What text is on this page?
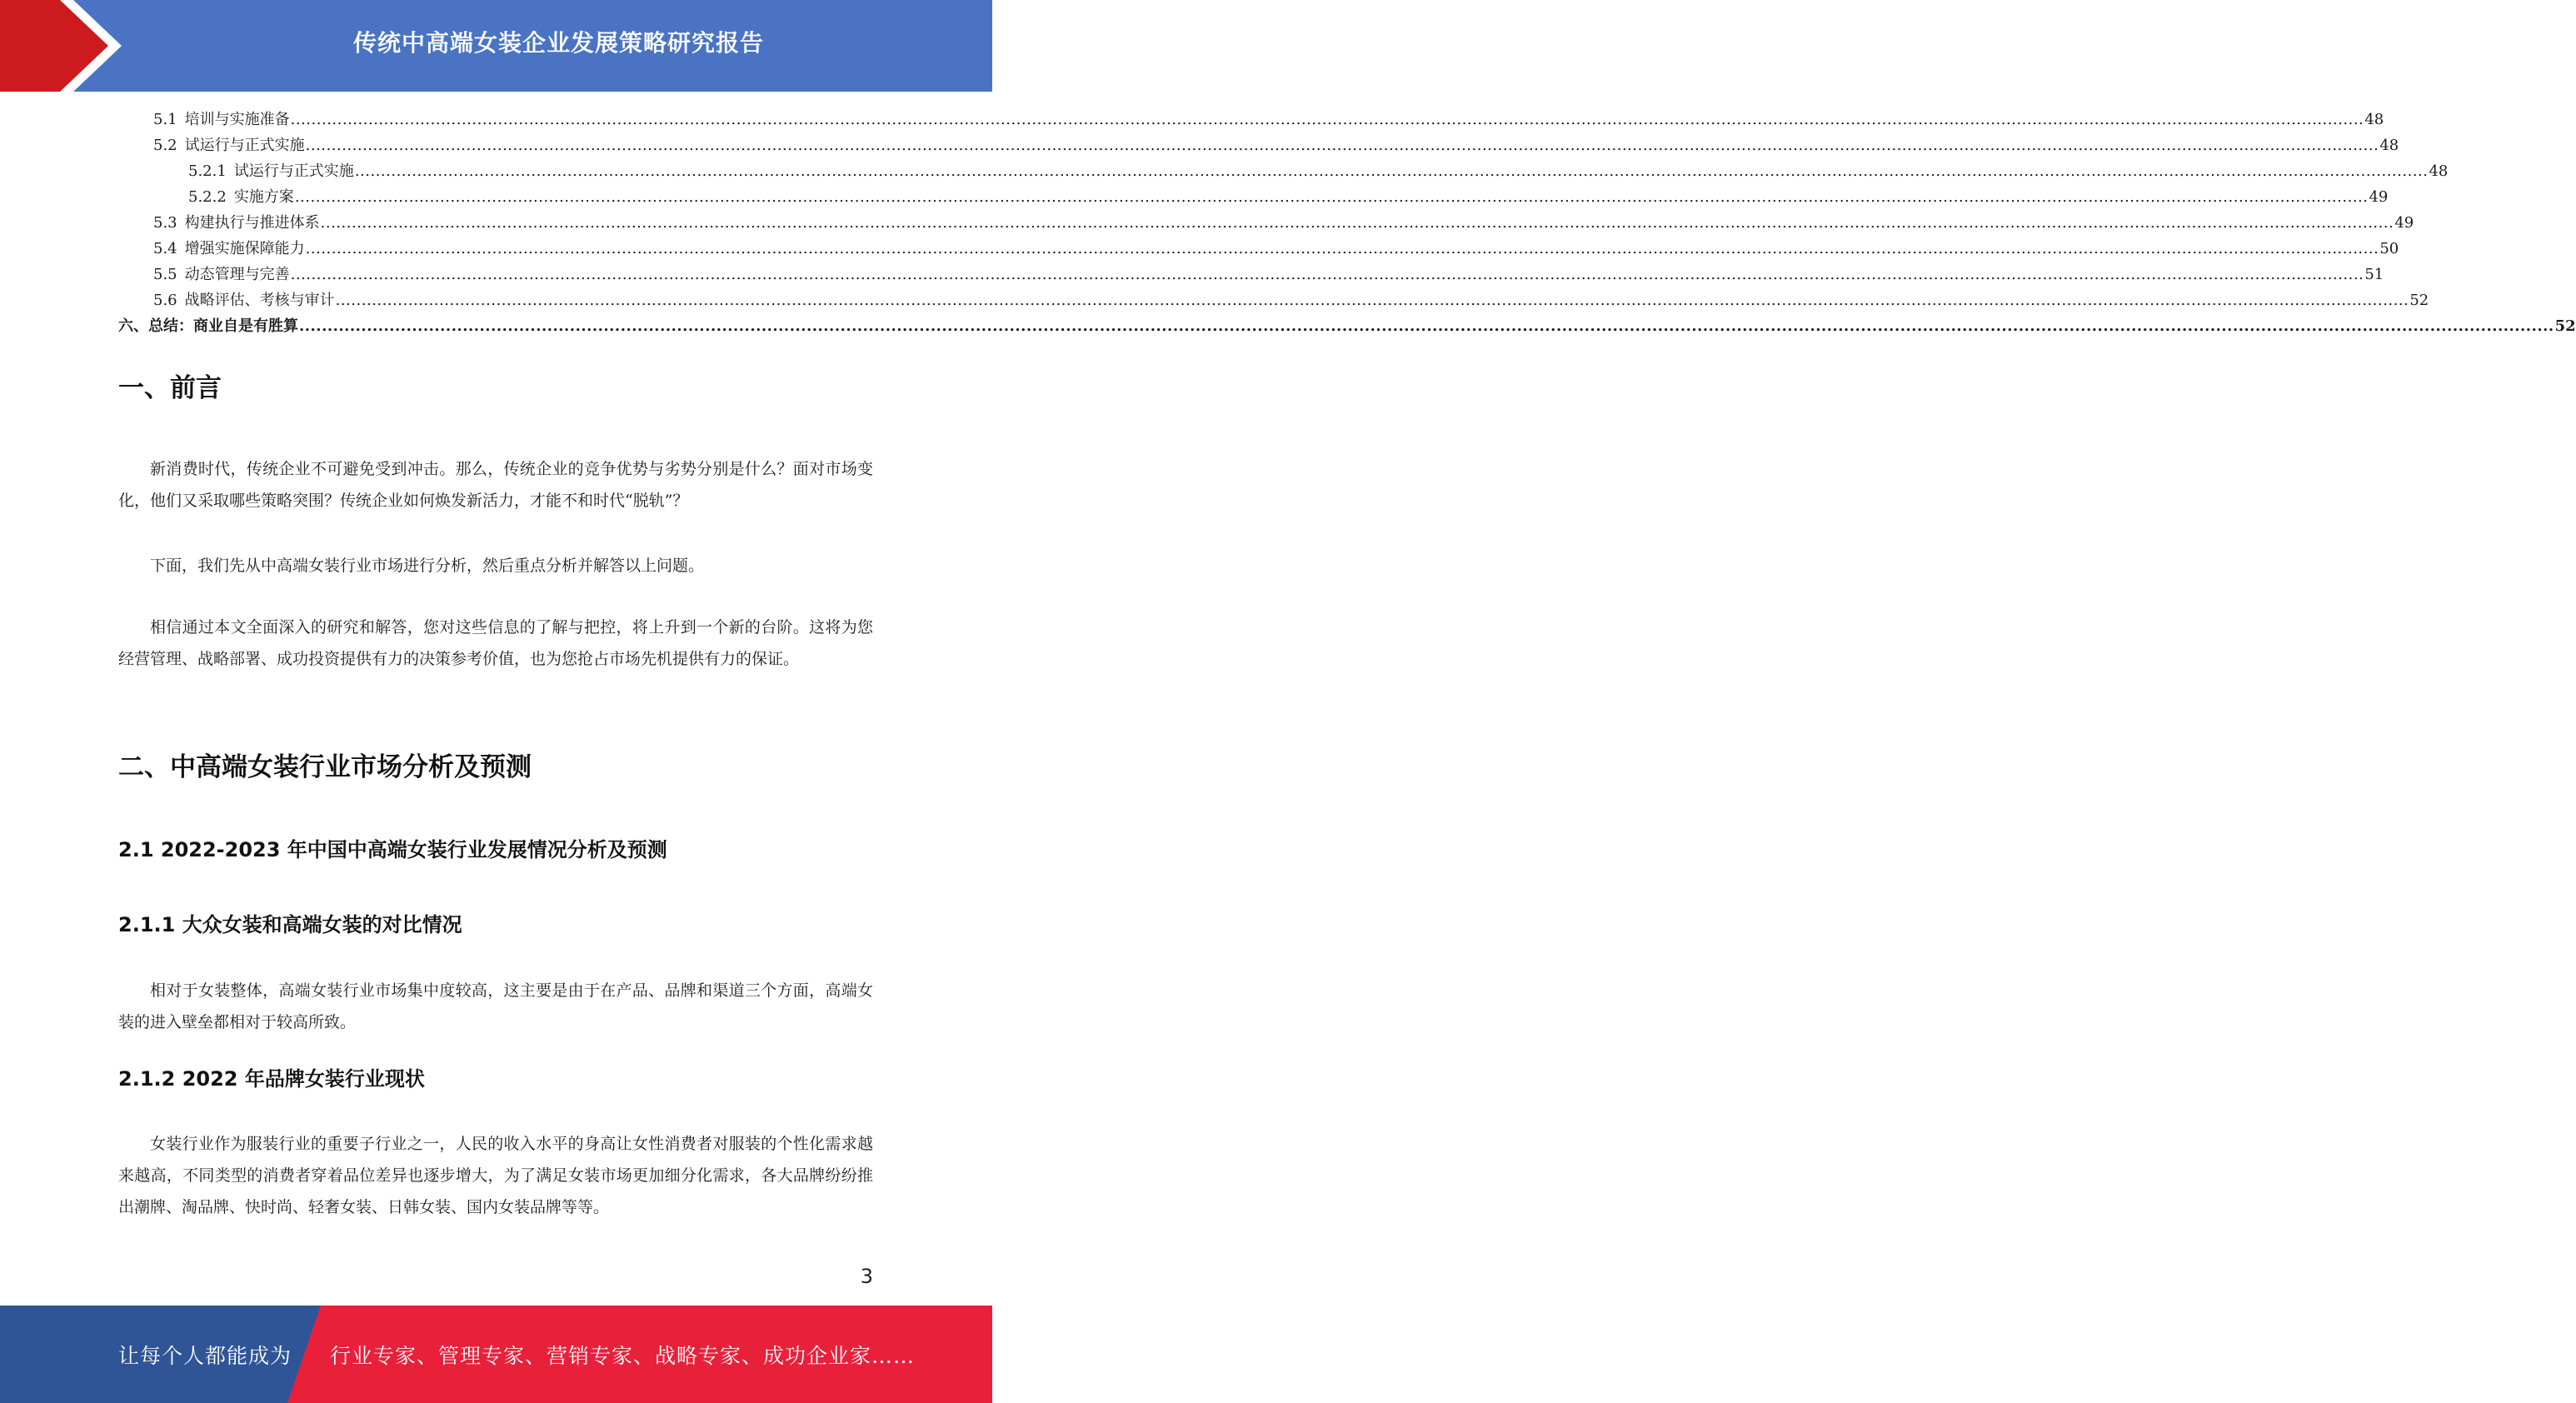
传统中高端女装企业发展策略研究报告
5.1 培训与实施准备 ................................................................................................................................................................................................................................................................................................................................................................................................................ 48
5.2 试运行与正式实施 ................................................................................................................................................................................................................................................................................................................................................................................................................ 48
5.2.1 试运行与正式实施 ................................................................................................................................................................................................................................................................................................................................................................................................................ 48
5.2.2 实施方案 ................................................................................................................................................................................................................................................................................................................................................................................................................ 49
5.3 构建执行与推进体系 ................................................................................................................................................................................................................................................................................................................................................................................................................ 49
5.4 增强实施保障能力 ................................................................................................................................................................................................................................................................................................................................................................................................................ 50
5.5 动态管理与完善 ................................................................................................................................................................................................................................................................................................................................................................................................................ 51
5.6 战略评估、考核与审计 ................................................................................................................................................................................................................................................................................................................................................................................................................ 52
六、总结：商业自是有胜算 ................................................................................................................................................................................................................................................................................................................................................................................................................ 52
一、前言

新消费时代，传统企业不可避免受到冲击。那么，传统企业的竞争优势与劣势分别是什么？面对市场变化，他们又采取哪些策略突围？传统企业如何焕发新活力，才能不和时代“脱轨”？

下面，我们先从中高端女装行业市场进行分析，然后重点分析并解答以上问题。

相信通过本文全面深入的研究和解答，您对这些信息的了解与把控，将上升到一个新的台阶。这将为您经营管理、战略部署、成功投资提供有力的决策参考价值，也为您抢占市场先机提供有力的保证。

二、中高端女装行业市场分析及预测
2.1 2022-2023 年中国中高端女装行业发展情况分析及预测
2.1.1 大众女装和高端女装的对比情况

相对于女装整体，高端女装行业市场集中度较高，这主要是由于在产品、品牌和渠道三个方面，高端女装的进入壁垒都相对于较高所致。

2.1.2 2022 年品牌女装行业现状

女装行业作为服装行业的重要子行业之一，人民的收入水平的身高让女性消费者对服装的个性化需求越来越高，不同类型的消费者穿着品位差异也逐步增大，为了满足女装市场更加细分化需求，各大品牌纷纷推出潮牌、淘品牌、快时尚、轻奢女装、日韩女装、国内女装品牌等等。

3
让每个人都能成为 行业专家、管理专家、营销专家、战略专家、成功企业家……
